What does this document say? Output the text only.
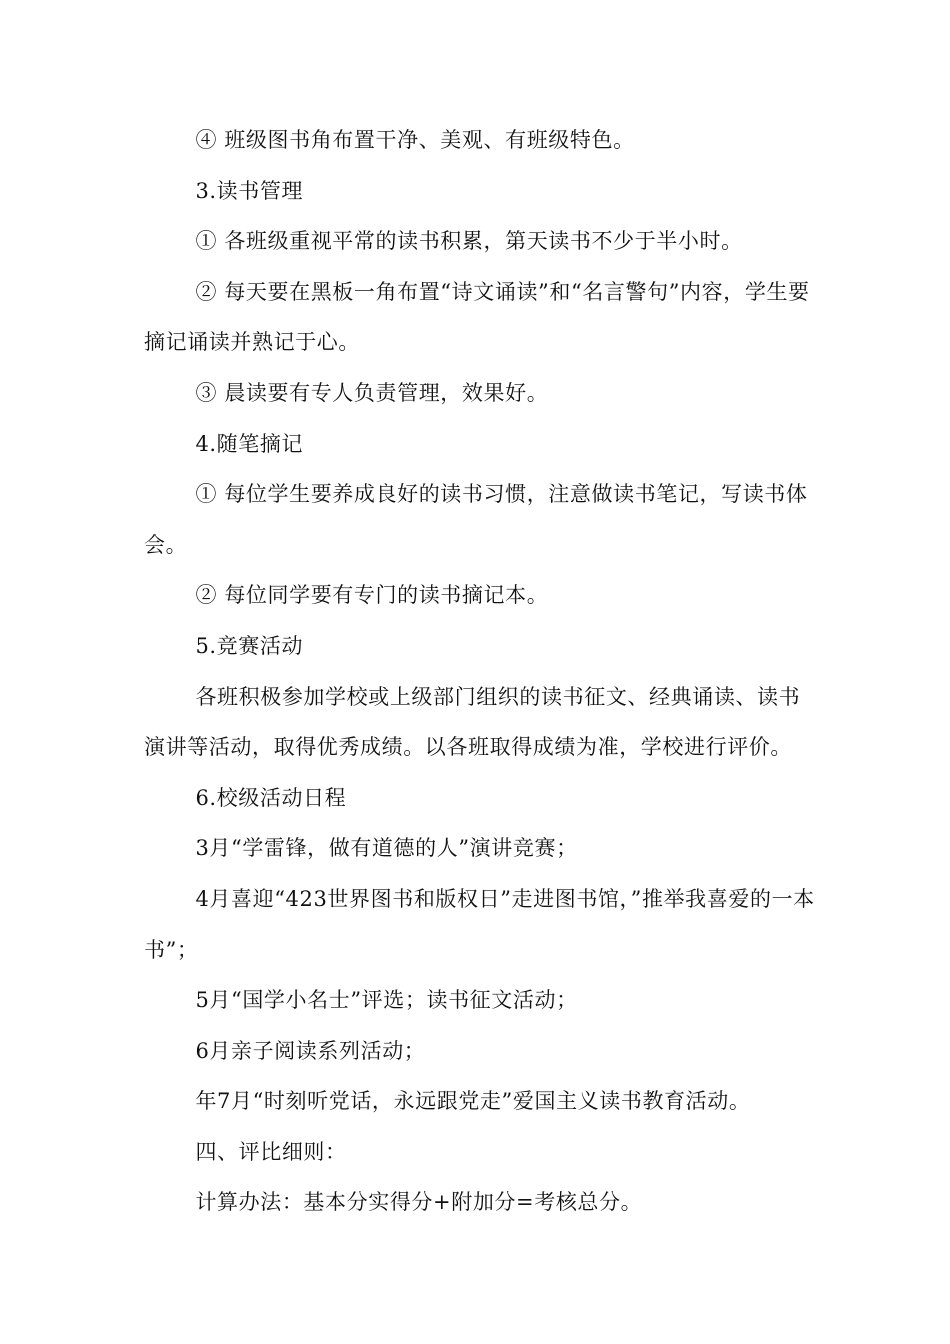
④ 班级图书角布置干净、美观、有班级特色。

3.读书管理

① 各班级重视平常的读书积累，第天读书不少于半小时。

② 每天要在黑板一角布置“诗文诵读”和“名言警句”内容，学生要摘记诵读并熟记于心。

③ 晨读要有专人负责管理，效果好。

4.随笔摘记

① 每位学生要养成良好的读书习惯，注意做读书笔记，写读书体会。

② 每位同学要有专门的读书摘记本。

5.竞赛活动

各班积极参加学校或上级部门组织的读书征文、经典诵读、读书演讲等活动，取得优秀成绩。以各班取得成绩为准，学校进行评价。

6.校级活动日程

3月“学雷锋，做有道德的人”演讲竞赛；

4月喜迎“423世界图书和版权日”走进图书馆，”推举我喜爱的一本书”；

5月“国学小名士”评选；读书征文活动；

6月亲子阅读系列活动；

年7月“时刻听党话，永远跟党走”爱国主义读书教育活动。

四、评比细则：

计算办法：基本分实得分+附加分=考核总分。
